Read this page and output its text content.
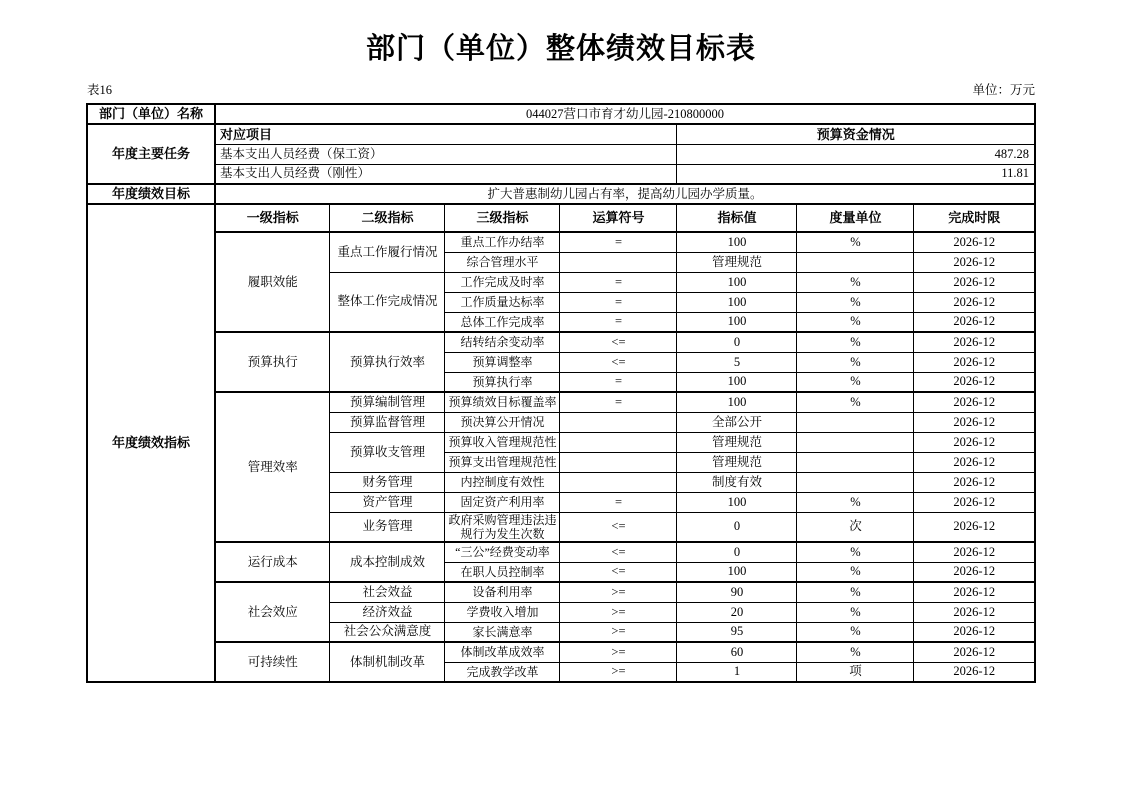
部门（单位）整体绩效目标表
表16	单位：万元
部门（单位）名称	044027营口市育才幼儿园-210800000						
年度主要任务	对应项目				预算资金情况		
	基本支出人员经费（保工资）				487.28		
	基本支出人员经费（刚性）				11.81		
年度绩效目标	扩大普惠制幼儿园占有率，提高幼儿园办学质量。						
年度绩效指标	一级指标	二级指标	三级指标	运算符号	指标值	度量单位	完成时限
	履职效能	重点工作履行情况	重点工作办结率	=	100	%	2026-12
			综合管理水平		管理规范		2026-12
		整体工作完成情况	工作完成及时率	=	100	%	2026-12
			工作质量达标率	=	100	%	2026-12
			总体工作完成率	=	100	%	2026-12
	预算执行	预算执行效率	结转结余变动率	<=	0	%	2026-12
			预算调整率	<=	5	%	2026-12
			预算执行率	=	100	%	2026-12
	管理效率	预算编制管理	预算绩效目标覆盖率	=	100	%	2026-12
		预算监督管理	预决算公开情况		全部公开		2026-12
		预算收支管理	预算收入管理规范性		管理规范		2026-12
			预算支出管理规范性		管理规范		2026-12
		财务管理	内控制度有效性		制度有效		2026-12
		资产管理	固定资产利用率	=	100	%	2026-12
		业务管理	政府采购管理违法违规行为发生次数	<=	0	次	2026-12
	运行成本	成本控制成效	“三公”经费变动率	<=	0	%	2026-12
			在职人员控制率	<=	100	%	2026-12
	社会效应	社会效益	设备利用率	>=	90	%	2026-12
		经济效益	学费收入增加	>=	20	%	2026-12
		社会公众满意度	家长满意率	>=	95	%	2026-12
	可持续性	体制机制改革	体制改革成效率	>=	60	%	2026-12
			完成教学改革	>=	1	项	2026-12
